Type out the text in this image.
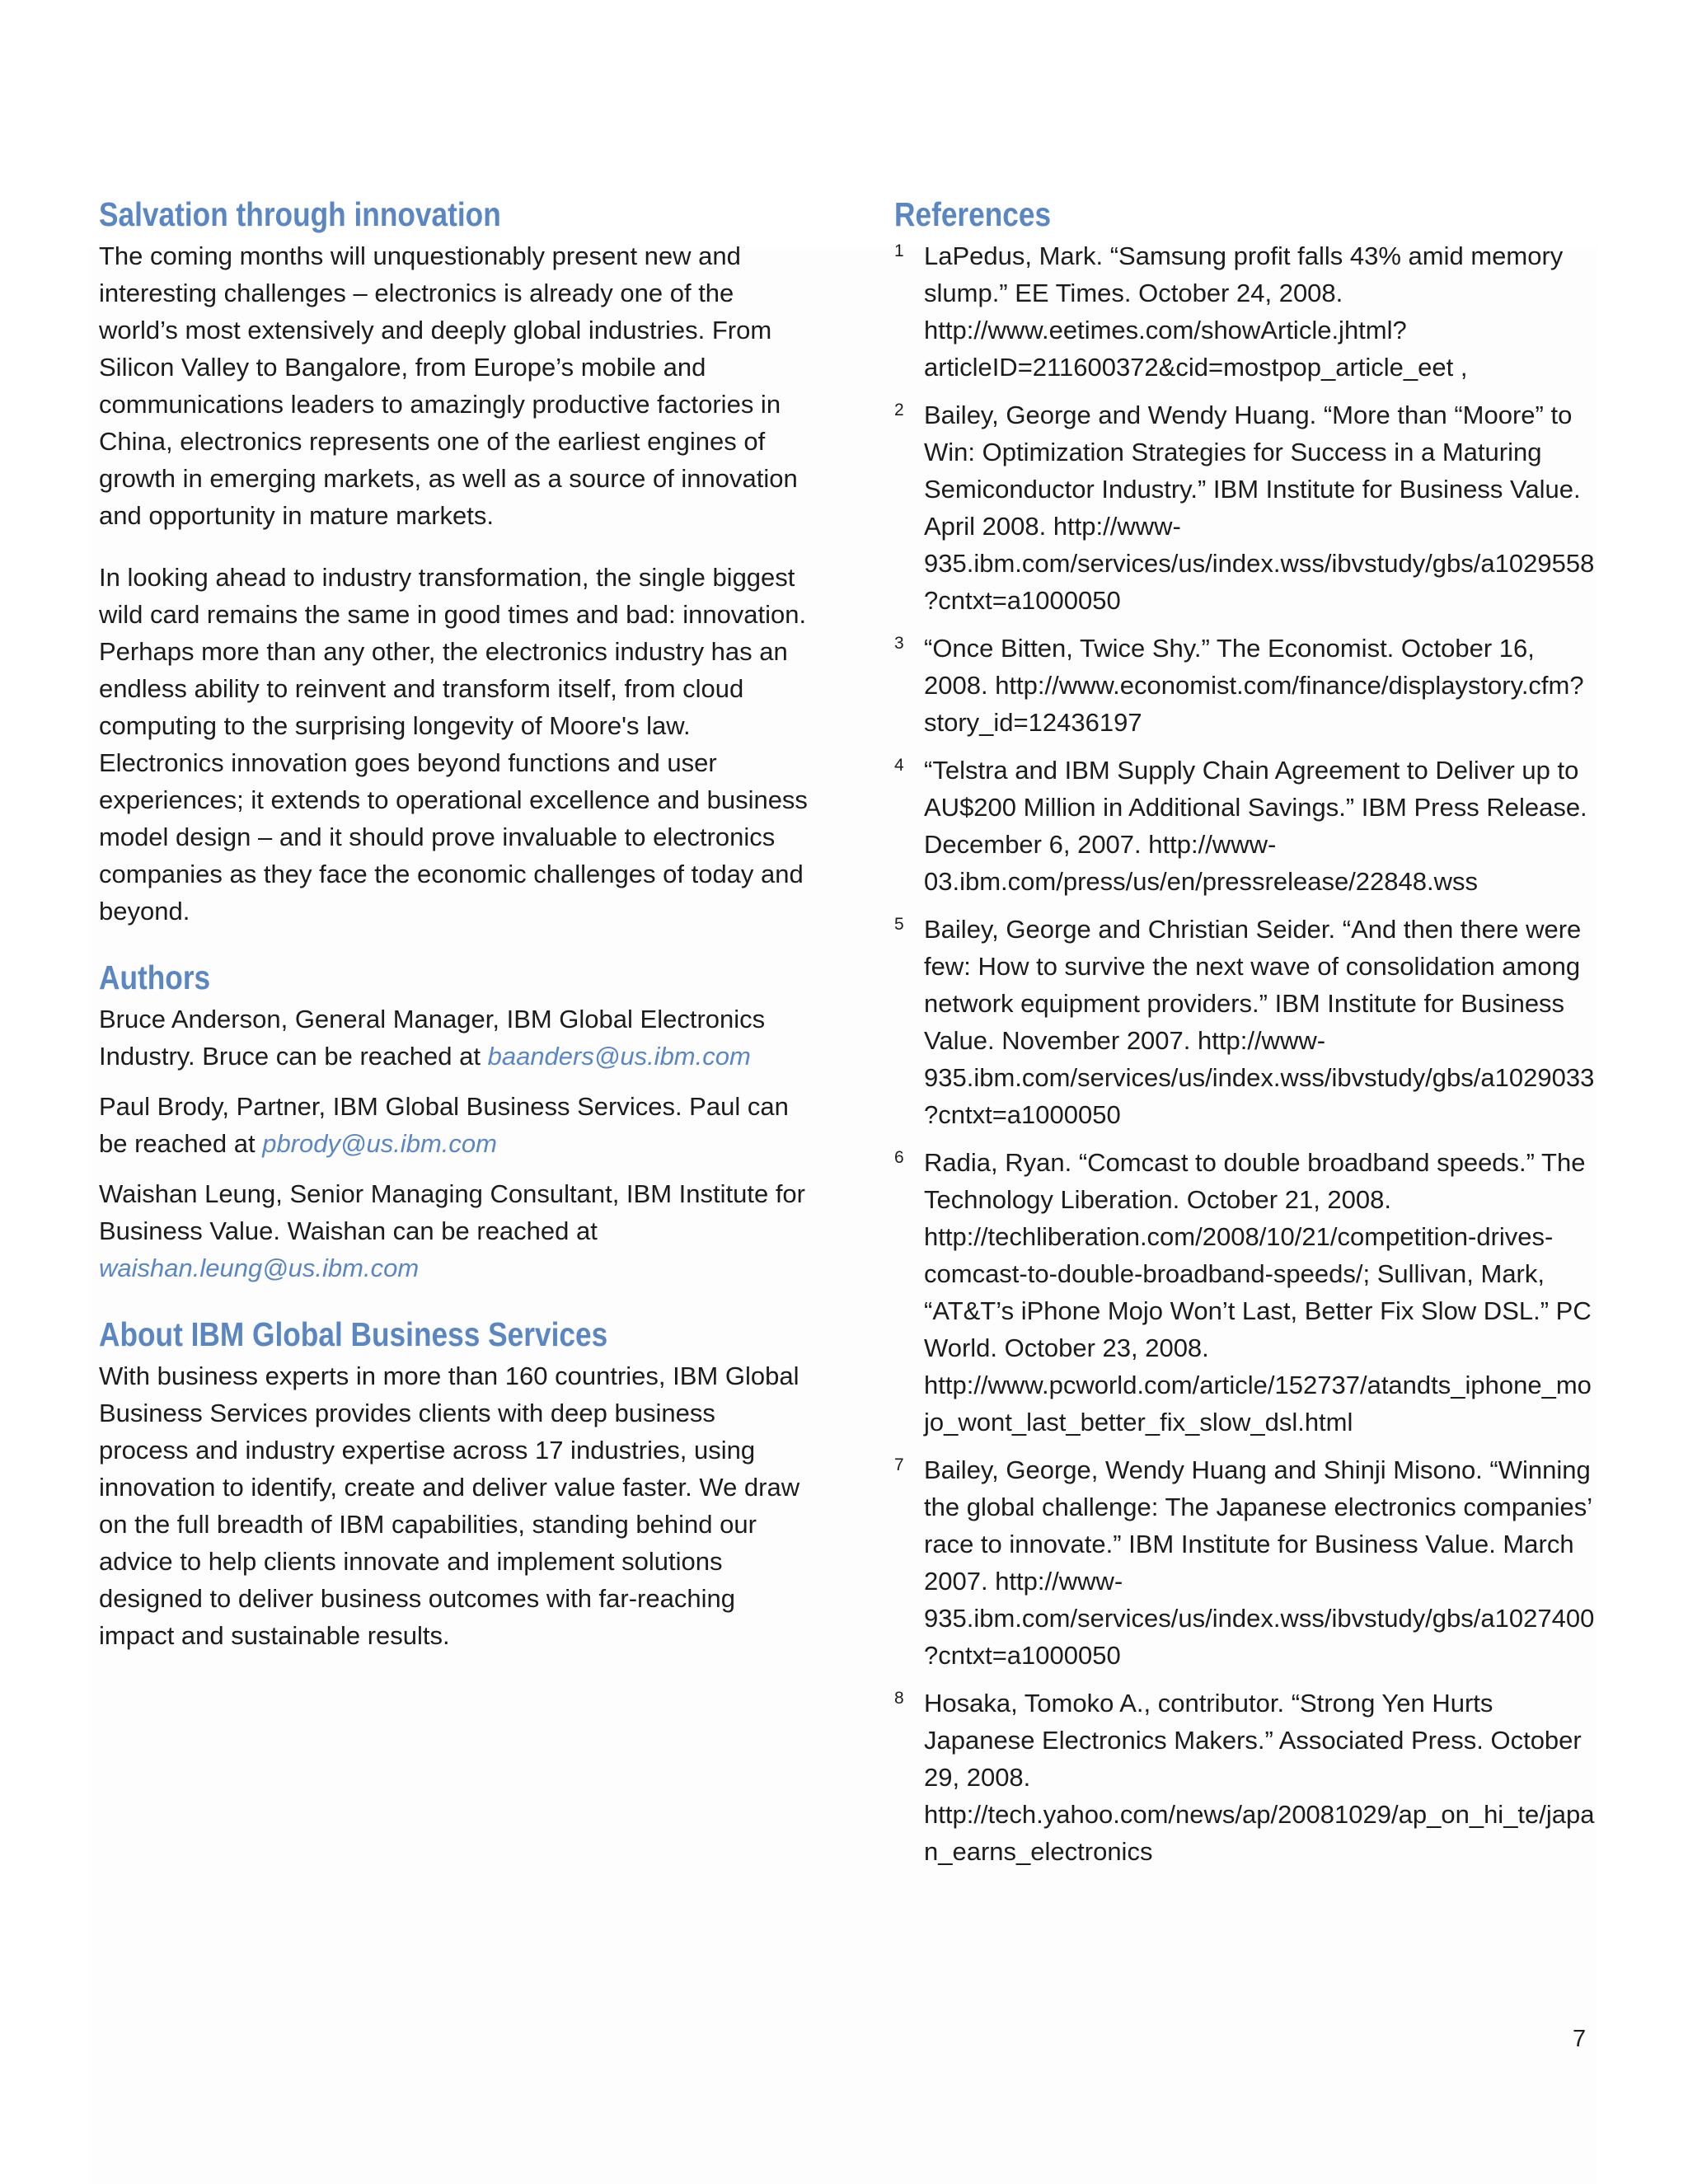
Salvation through innovation

The coming months will unquestionably present new and interesting challenges – electronics is already one of the world’s most extensively and deeply global industries. From Silicon Valley to Bangalore, from Europe’s mobile and communications leaders to amazingly productive factories in China, electronics represents one of the earliest engines of growth in emerging markets, as well as a source of innovation and opportunity in mature markets.

In looking ahead to industry transformation, the single biggest wild card remains the same in good times and bad: innovation. Perhaps more than any other, the electronics industry has an endless ability to reinvent and transform itself, from cloud computing to the surprising longevity of Moore's law. Electronics innovation goes beyond functions and user experiences; it extends to operational excellence and business model design – and it should prove invaluable to electronics companies as they face the economic challenges of today and beyond.

Authors

Bruce Anderson, General Manager, IBM Global Electronics Industry. Bruce can be reached at baanders@us.ibm.com

Paul Brody, Partner, IBM Global Business Services. Paul can be reached at pbrody@us.ibm.com

Waishan Leung, Senior Managing Consultant, IBM Institute for Business Value. Waishan can be reached at waishan.leung@us.ibm.com

About IBM Global Business Services

With business experts in more than 160 countries, IBM Global Business Services provides clients with deep business process and industry expertise across 17 industries, using innovation to identify, create and deliver value faster. We draw on the full breadth of IBM capabilities, standing behind our advice to help clients innovate and implement solutions designed to deliver business outcomes with far-reaching impact and sustainable results.

References
1 LaPedus, Mark. “Samsung profit falls 43% amid memory slump.” EE Times. October 24, 2008. http://www.eetimes.com/showArticle.jhtml?articleID=211600372&cid=mostpop_article_eet ,
2 Bailey, George and Wendy Huang. “More than “Moore” to Win: Optimization Strategies for Success in a Maturing Semiconductor Industry.” IBM Institute for Business Value. April 2008. http://www-935.ibm.com/services/us/index.wss/ibvstudy/gbs/a1029558?cntxt=a1000050
3 “Once Bitten, Twice Shy.” The Economist. October 16, 2008. http://www.economist.com/finance/displaystory.cfm?story_id=12436197
4 “Telstra and IBM Supply Chain Agreement to Deliver up to AU$200 Million in Additional Savings.” IBM Press Release. December 6, 2007. http://www-03.ibm.com/press/us/en/pressrelease/22848.wss
5 Bailey, George and Christian Seider. “And then there were few: How to survive the next wave of consolidation among network equipment providers.” IBM Institute for Business Value. November 2007. http://www-935.ibm.com/services/us/index.wss/ibvstudy/gbs/a1029033?cntxt=a1000050
6 Radia, Ryan. “Comcast to double broadband speeds.” The Technology Liberation. October 21, 2008. http://techliberation.com/2008/10/21/competition-drives-comcast-to-double-broadband-speeds/; Sullivan, Mark, “AT&T’s iPhone Mojo Won’t Last, Better Fix Slow DSL.” PC World. October 23, 2008. http://www.pcworld.com/article/152737/atandts_iphone_mojo_wont_last_better_fix_slow_dsl.html
7 Bailey, George, Wendy Huang and Shinji Misono. “Winning the global challenge: The Japanese electronics companies’ race to innovate.” IBM Institute for Business Value. March 2007. http://www-935.ibm.com/services/us/index.wss/ibvstudy/gbs/a1027400?cntxt=a1000050
8 Hosaka, Tomoko A., contributor. “Strong Yen Hurts Japanese Electronics Makers.” Associated Press. October 29, 2008. http://tech.yahoo.com/news/ap/20081029/ap_on_hi_te/japan_earns_electronics
7
